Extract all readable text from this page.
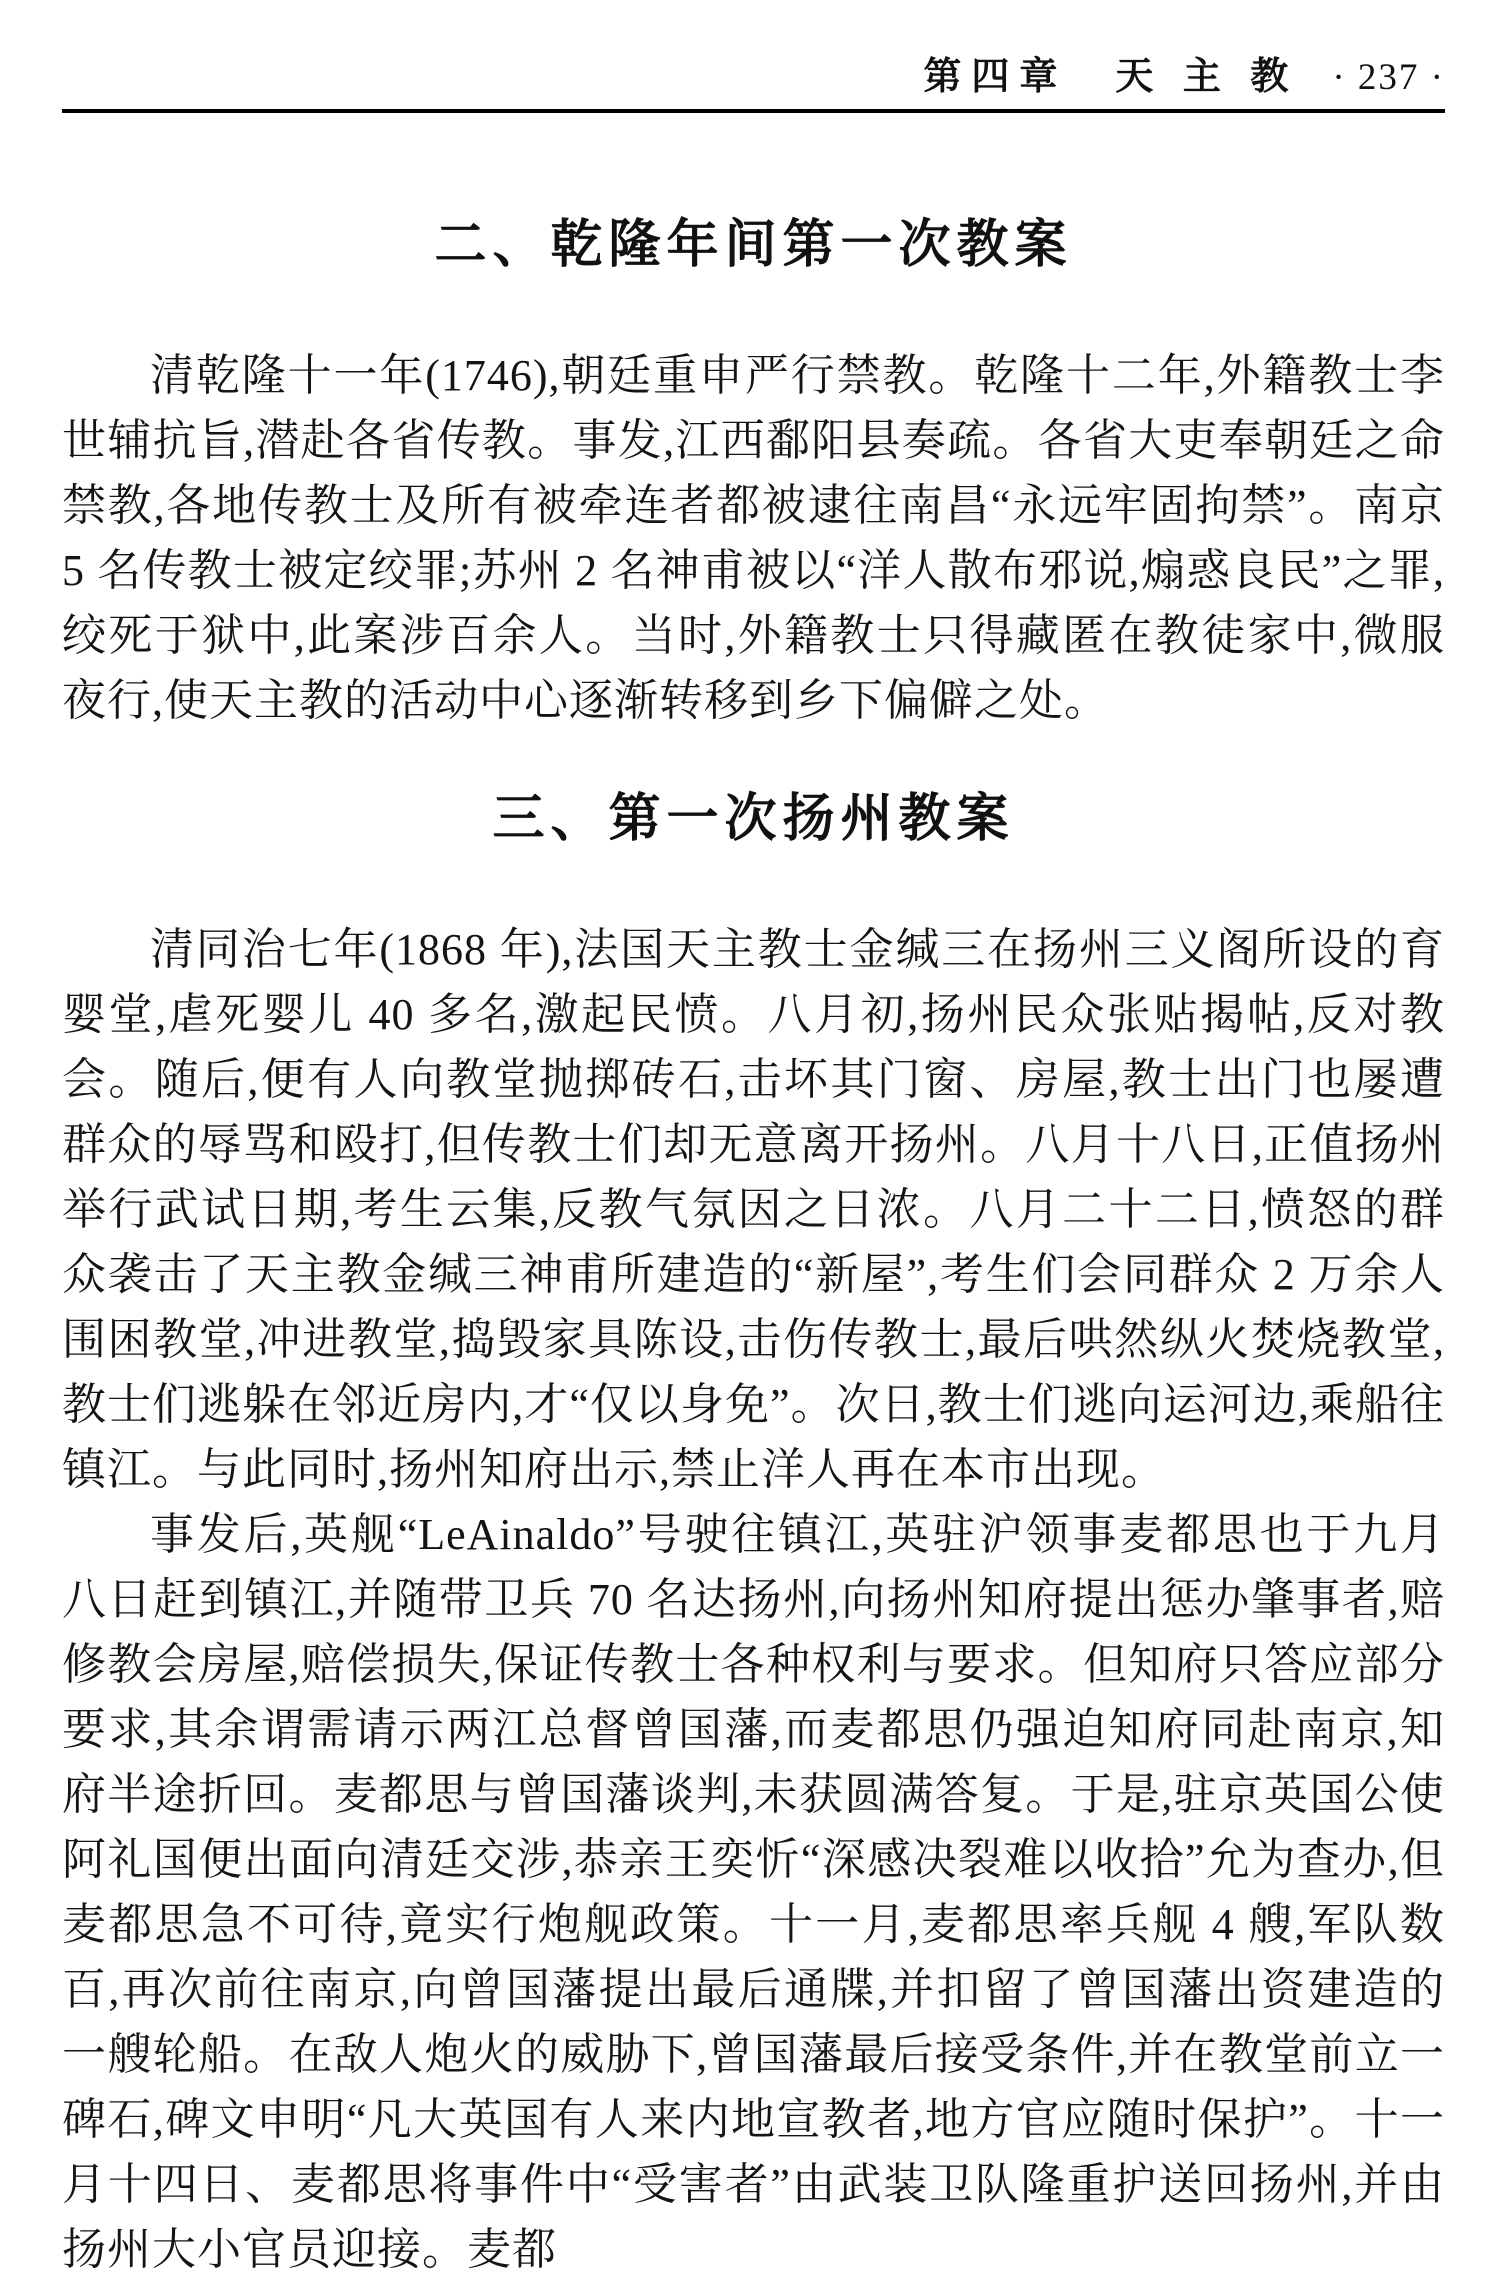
第四章　天 主 教 · 237 ·
二、乾隆年间第一次教案

清乾隆十一年(1746),朝廷重申严行禁教。乾隆十二年,外籍教士李世辅抗旨,潜赴各省传教。事发,江西鄱阳县奏疏。各省大吏奉朝廷之命禁教,各地传教士及所有被牵连者都被逮往南昌“永远牢固拘禁”。南京 5 名传教士被定绞罪;苏州 2 名神甫被以“洋人散布邪说,煽惑良民”之罪,绞死于狱中,此案涉百余人。当时,外籍教士只得藏匿在教徒家中,微服夜行,使天主教的活动中心逐渐转移到乡下偏僻之处。

三、第一次扬州教案

清同治七年(1868 年),法国天主教士金缄三在扬州三义阁所设的育婴堂,虐死婴儿 40 多名,激起民愤。八月初,扬州民众张贴揭帖,反对教会。随后,便有人向教堂抛掷砖石,击坏其门窗、房屋,教士出门也屡遭群众的辱骂和殴打,但传教士们却无意离开扬州。八月十八日,正值扬州举行武试日期,考生云集,反教气氛因之日浓。八月二十二日,愤怒的群众袭击了天主教金缄三神甫所建造的“新屋”,考生们会同群众 2 万余人围困教堂,冲进教堂,捣毁家具陈设,击伤传教士,最后哄然纵火焚烧教堂,教士们逃躲在邻近房内,才“仅以身免”。次日,教士们逃向运河边,乘船往镇江。与此同时,扬州知府出示,禁止洋人再在本市出现。

事发后,英舰“LeAinaldo”号驶往镇江,英驻沪领事麦都思也于九月八日赶到镇江,并随带卫兵 70 名达扬州,向扬州知府提出惩办肇事者,赔修教会房屋,赔偿损失,保证传教士各种权利与要求。但知府只答应部分要求,其余谓需请示两江总督曾国藩,而麦都思仍强迫知府同赴南京,知府半途折回。麦都思与曾国藩谈判,未获圆满答复。于是,驻京英国公使阿礼国便出面向清廷交涉,恭亲王奕忻“深感决裂难以收拾”允为查办,但麦都思急不可待,竟实行炮舰政策。十一月,麦都思率兵舰 4 艘,军队数百,再次前往南京,向曾国藩提出最后通牒,并扣留了曾国藩出资建造的一艘轮船。在敌人炮火的威胁下,曾国藩最后接受条件,并在教堂前立一碑石,碑文申明“凡大英国有人来内地宣教者,地方官应随时保护”。十一月十四日、麦都思将事件中“受害者”由武装卫队隆重护送回扬州,并由扬州大小官员迎接。麦都
